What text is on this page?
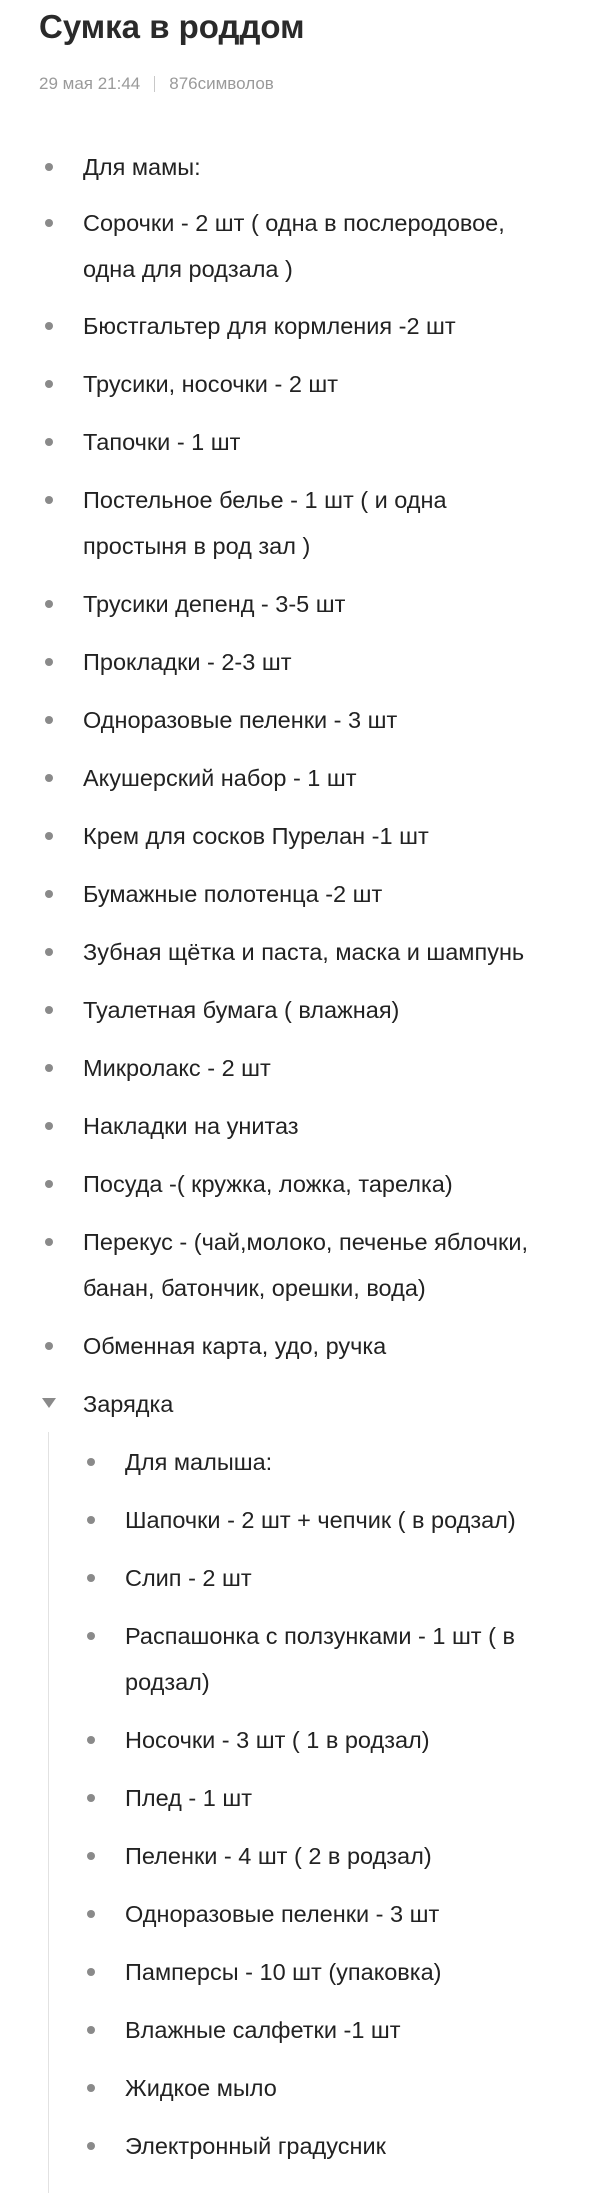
Сумка в роддом
29 мая 21:44 876символов
Для мамы:
Сорочки - 2 шт ( одна в послеродовое,
одна для родзала )
Бюстгальтер для кормления -2 шт
Трусики, носочки - 2 шт
Тапочки - 1 шт
Постельное белье - 1 шт ( и одна
простыня в род зал )
Трусики депенд - 3-5 шт
Прокладки - 2-3 шт
Одноразовые пеленки - 3 шт
Акушерский набор - 1 шт
Крем для сосков Пурелан -1 шт
Бумажные полотенца -2 шт
Зубная щётка и паста, маска и шампунь
Туалетная бумага ( влажная)
Микролакс - 2 шт
Накладки на унитаз
Посуда -( кружка, ложка, тарелка)
Перекус - (чай,молоко, печенье яблочки,
банан, батончик, орешки, вода)
Обменная карта, удо, ручка
Зарядка
Для малыша:
Шапочки - 2 шт + чепчик ( в родзал)
Слип - 2 шт
Распашонка с ползунками - 1 шт ( в
родзал)
Носочки - 3 шт ( 1 в родзал)
Плед - 1 шт
Пеленки - 4 шт ( 2 в родзал)
Одноразовые пеленки - 3 шт
Памперсы - 10 шт (упаковка)
Влажные салфетки -1 шт
Жидкое мыло
Электронный градусник
